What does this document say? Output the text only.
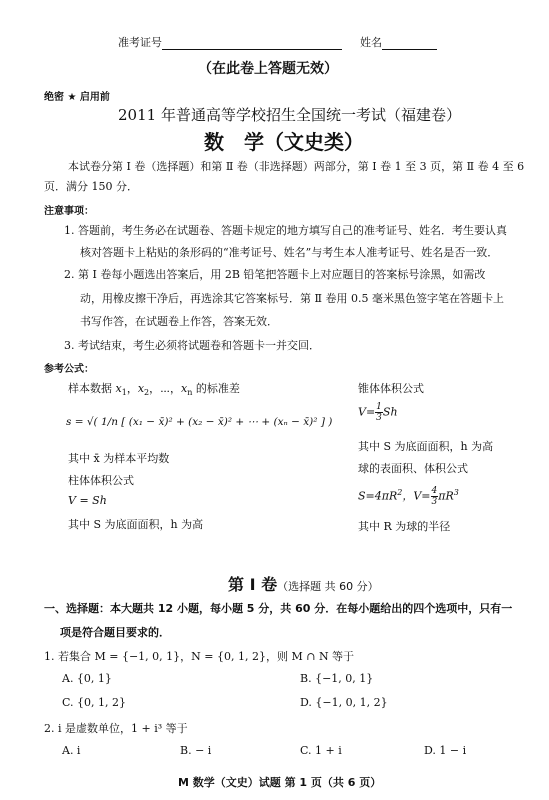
准考证号	姓名
（在此卷上答题无效）
绝密 ★ 启用前
2011 年普通高等学校招生全国统一考试（福建卷）
数　学（文史类）
本试卷分第 Ⅰ 卷（选择题）和第 Ⅱ 卷（非选择题）两部分，第 Ⅰ 卷 1 至 3 页，第 Ⅱ 卷 4 至 6
页．满分 150 分．
注意事项：
1. 答题前，考生务必在试题卷、答题卡规定的地方填写自己的准考证号、姓名．考生要认真
核对答题卡上粘贴的条形码的“准考证号、姓名”与考生本人准考证号、姓名是否一致．
2. 第 Ⅰ 卷每小题选出答案后，用 2B 铅笔把答题卡上对应题目的答案标号涂黑，如需改
动，用橡皮擦干净后，再选涂其它答案标号．第 Ⅱ 卷用 0.5 毫米黑色签字笔在答题卡上
书写作答，在试题卷上作答，答案无效．
3. 考试结束，考生必须将试题卷和答题卡一并交回．
参考公式：
样本数据 $x_1$，$x_2$，⋯，$x_n$ 的标准差
s = √( 1/n [ (x₁ − x̄)² + (x₂ − x̄)² + ⋯ + (xₙ − x̄)² ] )
其中 x̄ 为样本平均数
柱体体积公式
V = Sh
其中 S 为底面面积，h 为高
锥体体积公式
$V= \frac{1}{3}$ Sh
其中 S 为底面面积，h 为高
球的表面积、体积公式
$S=4\pi R^2$，$V= \frac{4}{3} \pi R^3$
其中 R 为球的半径
第 Ⅰ 卷（选择题 共 60 分）
一、选择题：本大题共 12 小题，每小题 5 分，共 60 分．在每小题给出的四个选项中，只有一
项是符合题目要求的．
1. 若集合 M = {−1, 0, 1}，N = {0, 1, 2}，则 M ∩ N 等于
A. {0, 1}	B. {−1, 0, 1}
C. {0, 1, 2}	D. {−1, 0, 1, 2}
2. i 是虚数单位，1 + i³ 等于
A. i	B. − i	C. 1 + i	D. 1 − i
M 数学（文史）试题 第 1 页（共 6 页）
